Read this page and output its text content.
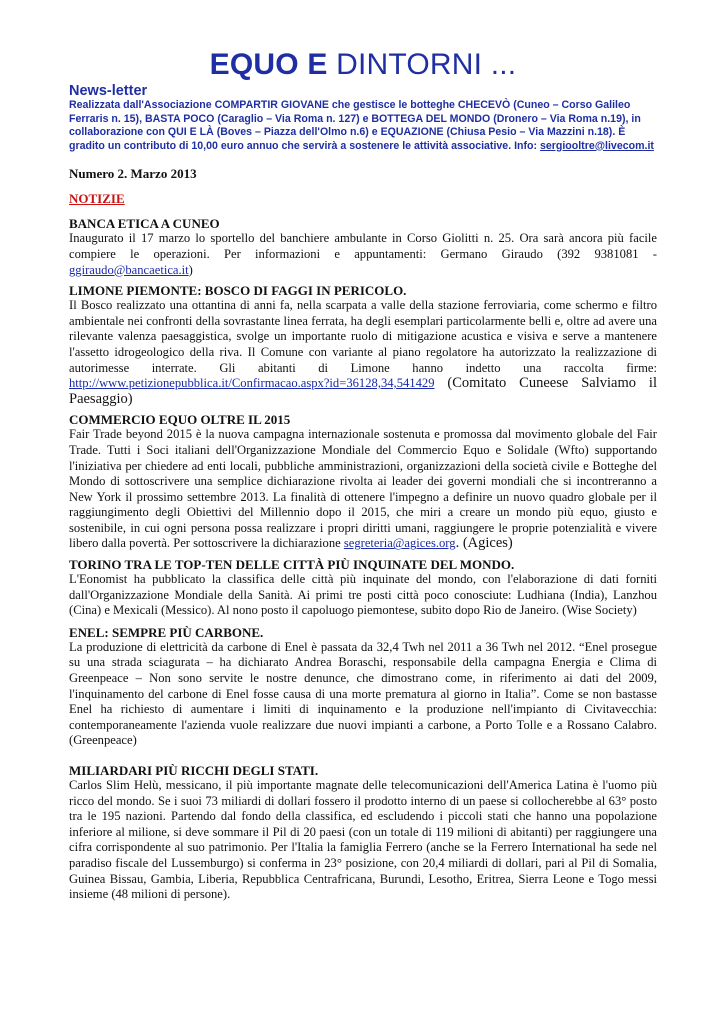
EQUO E DINTORNI ...
News-letter

Realizzata dall'Associazione COMPARTIR GIOVANE che gestisce le botteghe CHECEVÒ (Cuneo – Corso Galileo Ferraris n. 15), BASTA POCO (Caraglio – Via Roma n. 127) e BOTTEGA DEL MONDO (Dronero – Via Roma n.19), in collaborazione con QUI E LÀ (Boves – Piazza dell'Olmo n.6) e EQUAZIONE (Chiusa Pesio – Via Mazzini n.18). È gradito un contributo di 10,00 euro annuo che servirà a sostenere le attività associative. Info: sergiooltre@livecom.it

Numero 2. Marzo 2013
NOTIZIE
BANCA ETICA A CUNEO

Inaugurato il 17 marzo lo sportello del banchiere ambulante in Corso Giolitti n. 25. Ora sarà ancora più facile compiere le operazioni. Per informazioni e appuntamenti: Germano Giraudo (392 9381081 - ggiraudo@bancaetica.it)

LIMONE PIEMONTE: BOSCO DI FAGGI IN PERICOLO.

Il Bosco realizzato una ottantina di anni fa, nella scarpata a valle della stazione ferroviaria, come schermo e filtro ambientale nei confronti della sovrastante linea ferrata, ha degli esemplari particolarmente belli e, oltre ad avere una rilevante valenza paesaggistica, svolge un importante ruolo di mitigazione acustica e visiva e serve a mantenere l'assetto idrogeologico della riva. Il Comune con variante al piano regolatore ha autorizzato la realizzazione di autorimesse interrate. Gli abitanti di Limone hanno indetto una raccolta firme: http://www.petizionepubblica.it/Confirmacao.aspx?id=36128,34,541429 (Comitato Cuneese Salviamo il Paesaggio)

COMMERCIO EQUO OLTRE IL 2015

Fair Trade beyond 2015 è la nuova campagna internazionale sostenuta e promossa dal movimento globale del Fair Trade. Tutti i Soci italiani dell'Organizzazione Mondiale del Commercio Equo e Solidale (Wfto) supportando l'iniziativa per chiedere ad enti locali, pubbliche amministrazioni, organizzazioni della società civile e Botteghe del Mondo di sottoscrivere una semplice dichiarazione rivolta ai leader dei governi mondiali che si incontreranno a New York il prossimo settembre 2013. La finalità di ottenere l'impegno a definire un nuovo quadro globale per il raggiungimento degli Obiettivi del Millennio dopo il 2015, che miri a creare un mondo più equo, giusto e sostenibile, in cui ogni persona possa realizzare i propri diritti umani, raggiungere le proprie potenzialità e vivere libero dalla povertà. Per sottoscrivere la dichiarazione segreteria@agices.org. (Agices)

TORINO TRA LE TOP-TEN DELLE CITTÀ PIÙ INQUINATE DEL MONDO.

L'Eonomist ha pubblicato la classifica delle città più inquinate del mondo, con l'elaborazione di dati forniti dall'Organizzazione Mondiale della Sanità. Ai primi tre posti città poco conosciute: Ludhiana (India), Lanzhou (Cina) e Mexicali (Messico). Al nono posto il capoluogo piemontese, subito dopo Rio de Janeiro. (Wise Society)

ENEL: SEMPRE PIÙ CARBONE.

La produzione di elettricità da carbone di Enel è passata da 32,4 Twh nel 2011 a 36 Twh nel 2012. “Enel prosegue su una strada sciagurata – ha dichiarato Andrea Boraschi, responsabile della campagna Energia e Clima di Greenpeace – Non sono servite le nostre denunce, che dimostrano come, in riferimento ai dati del 2009, l'inquinamento del carbone di Enel fosse causa di una morte prematura al giorno in Italia”. Come se non bastasse Enel ha richiesto di aumentare i limiti di inquinamento e la produzione nell'impianto di Civitavecchia: contemporaneamente l'azienda vuole realizzare due nuovi impianti a carbone, a Porto Tolle e a Rossano Calabro. (Greenpeace)

MILIARDARI PIÙ RICCHI DEGLI STATI.

Carlos Slim Helù, messicano, il più importante magnate delle telecomunicazioni dell'America Latina è l'uomo più ricco del mondo. Se i suoi 73 miliardi di dollari fossero il prodotto interno di un paese si collocherebbe al 63° posto tra le 195 nazioni. Partendo dal fondo della classifica, ed escludendo i piccoli stati che hanno una popolazione inferiore al milione, si deve sommare il Pil di 20 paesi (con un totale di 119 milioni di abitanti) per raggiungere una cifra corrispondente al suo patrimonio. Per l'Italia la famiglia Ferrero (anche se la Ferrero International ha sede nel paradiso fiscale del Lussemburgo) si conferma in 23° posizione, con 20,4 miliardi di dollari, pari al Pil di Somalia, Guinea Bissau, Gambia, Liberia, Repubblica Centrafricana, Burundi, Lesotho, Eritrea, Sierra Leone e Togo messi insieme (48 milioni di persone).
